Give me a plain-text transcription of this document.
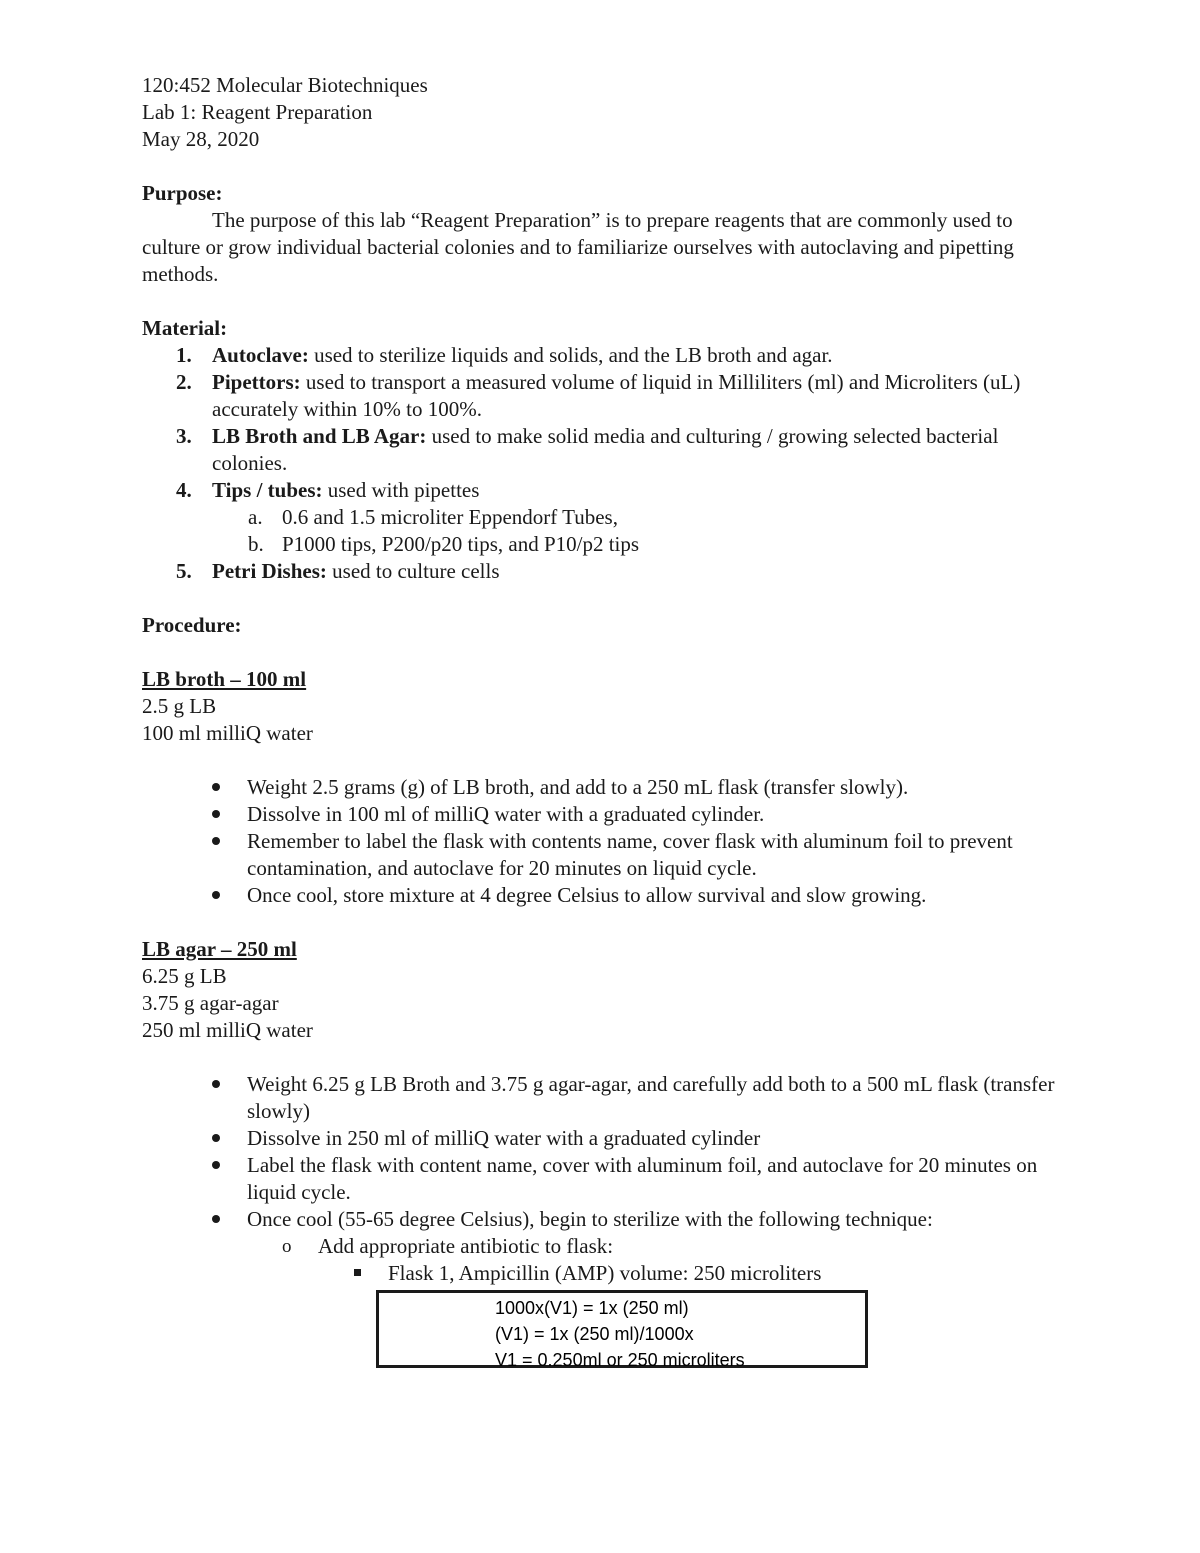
120:452 Molecular Biotechniques

Lab 1: Reagent Preparation

May 28, 2020

Purpose:

The purpose of this lab “Reagent Preparation” is to prepare reagents that are commonly used to culture or grow individual bacterial colonies and to familiarize ourselves with autoclaving and pipetting methods.

Material:

1. Autoclave: used to sterilize liquids and solids, and the LB broth and agar.
2. Pipettors: used to transport a measured volume of liquid in Milliliters (ml) and Microliters (uL) accurately within 10% to 100%.
3. LB Broth and LB Agar: used to make solid media and culturing / growing selected bacterial colonies.
4. Tips / tubes: used with pipettes
a. 0.6 and 1.5 microliter Eppendorf Tubes,
b. P1000 tips, P200/p20 tips, and P10/p2 tips
5. Petri Dishes: used to culture cells

Procedure:

LB broth – 100 ml

2.5 g LB

100 ml milliQ water

Weight 2.5 grams (g) of LB broth, and add to a 250 mL flask (transfer slowly).
Dissolve in 100 ml of milliQ water with a graduated cylinder.
Remember to label the flask with contents name, cover flask with aluminum foil to prevent contamination, and autoclave for 20 minutes on liquid cycle.
Once cool, store mixture at 4 degree Celsius to allow survival and slow growing.

LB agar – 250 ml

6.25 g LB

3.75 g agar-agar

250 ml milliQ water

Weight 6.25 g LB Broth and 3.75 g agar-agar, and carefully add both to a 500 mL flask (transfer slowly)
Dissolve in 250 ml of milliQ water with a graduated cylinder
Label the flask with content name, cover with aluminum foil, and autoclave for 20 minutes on liquid cycle.
Once cool (55-65 degree Celsius), begin to sterilize with the following technique:
o Add appropriate antibiotic to flask:
Flask 1, Ampicillin (AMP) volume: 250 microliters
1000x(V1) = 1x (250 ml)
(V1) = 1x (250 ml)/1000x
V1 = 0.250ml or 250 microliters
